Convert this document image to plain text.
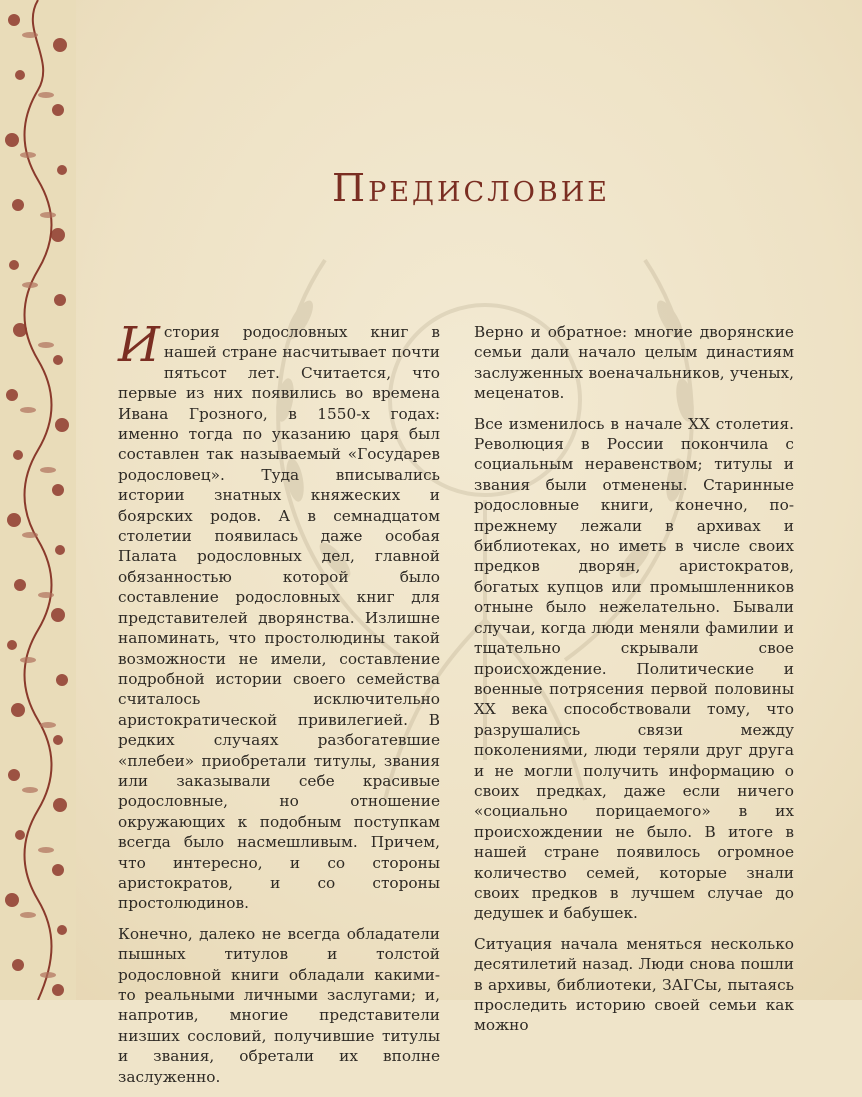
Предисловие

История родословных книг в нашей стране насчитывает почти пятьсот лет. Считается, что первые из них появились во времена Ивана Грозного, в 1550-х годах: именно тогда по указанию царя был составлен так называемый «Государев родословец». Туда вписывались истории знатных княжеских и боярских родов. А в семнадцатом столетии появилась даже особая Палата родословных дел, главной обязанностью которой было составление родословных книг для представителей дворянства. Излишне напоминать, что простолюдины такой возможности не имели, составление подробной истории своего семейства считалось исключительно аристократической привилегией. В редких случаях разбогатевшие «плебеи» приобретали титулы, звания или заказывали себе красивые родословные, но отношение окружающих к подобным поступкам всегда было насмешливым. Причем, что интересно, и со стороны аристократов, и со стороны простолюдинов.

Конечно, далеко не всегда обладатели пышных титулов и толстой родословной книги обладали какими-то реальными личными заслугами; и, напротив, многие представители низших сословий, получившие титулы и звания, обретали их вполне заслуженно.

Верно и обратное: многие дворянские семьи дали начало целым династиям заслуженных военачальников, ученых, меценатов.

Все изменилось в начале XX столетия. Революция в России покончила с социальным неравенством; титулы и звания были отменены. Старинные родословные книги, конечно, по-прежнему лежали в архивах и библиотеках, но иметь в числе своих предков дворян, аристократов, богатых купцов или промышленников отныне было нежелательно. Бывали случаи, когда люди меняли фамилии и тщательно скрывали свое происхождение. Политические и военные потрясения первой половины XX века способствовали тому, что разрушались связи между поколениями, люди теряли друг друга и не могли получить информацию о своих предках, даже если ничего «социально порицаемого» в их происхождении не было. В итоге в нашей стране появилось огромное количество семей, которые знали своих предков в лучшем случае до дедушек и бабушек.

Ситуация начала меняться несколько десятилетий назад. Люди снова пошли в архивы, библиотеки, ЗАГСы, пытаясь проследить историю своей семьи как можно
